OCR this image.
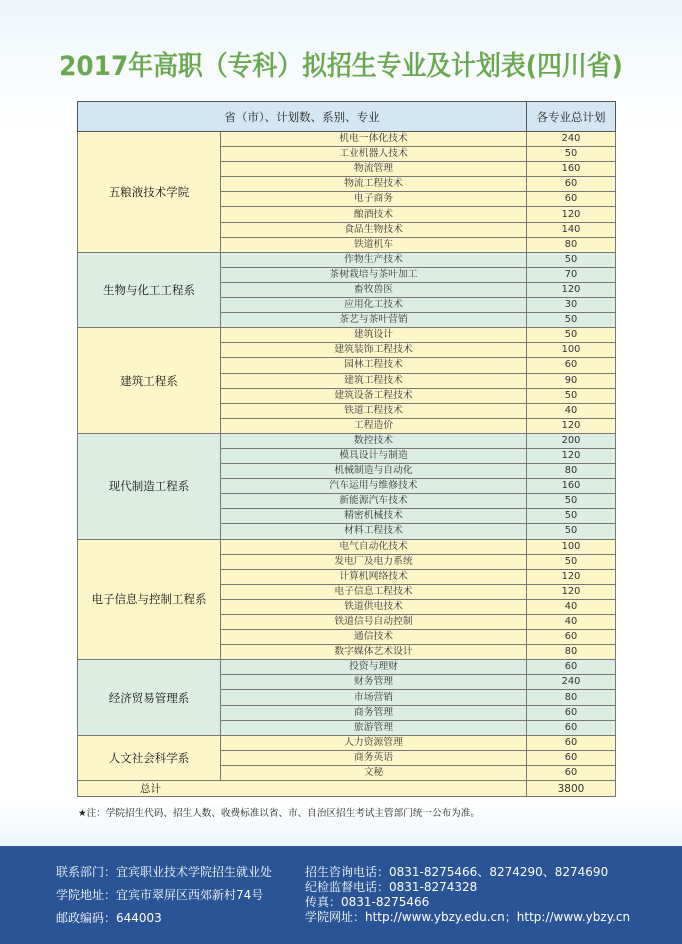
2017年高职（专科）拟招生专业及计划表(四川省)
省（市）、计划数、系别、专业		各专业总计划
五粮液技术学院	机电一体化技术	240
	工业机器人技术	50
	物流管理	160
	物流工程技术	60
	电子商务	60
	酿酒技术	120
	食品生物技术	140
	铁道机车	80
生物与化工工程系	作物生产技术	50
	茶树栽培与茶叶加工	70
	畜牧兽医	120
	应用化工技术	30
	茶艺与茶叶营销	50
建筑工程系	建筑设计	50
	建筑装饰工程技术	100
	园林工程技术	60
	建筑工程技术	90
	建筑设备工程技术	50
	铁道工程技术	40
	工程造价	120
现代制造工程系	数控技术	200
	模具设计与制造	120
	机械制造与自动化	80
	汽车运用与维修技术	160
	新能源汽车技术	50
	精密机械技术	50
	材料工程技术	50
电子信息与控制工程系	电气自动化技术	100
	发电厂及电力系统	50
	计算机网络技术	120
	电子信息工程技术	120
	铁道供电技术	40
	铁道信号自动控制	40
	通信技术	60
	数字媒体艺术设计	80
经济贸易管理系	投资与理财	60
	财务管理	240
	市场营销	80
	商务管理	60
	旅游管理	60
人文社会科学系	人力资源管理	60
	商务英语	60
	文秘	60
总计		3800
★注：学院招生代码、招生人数、收费标准以省、市、自治区招生考试主管部门统一公布为准。
联系部门：宜宾职业技术学院招生就业处
学院地址：宜宾市翠屏区西郊新村74号
邮政编码：644003
招生咨询电话：0831-8275466、8274290、8274690
纪检监督电话：0831-8274328
传真：0831-8275466
学院网址：http://www.ybzy.edu.cn；http://www.ybzy.cn
